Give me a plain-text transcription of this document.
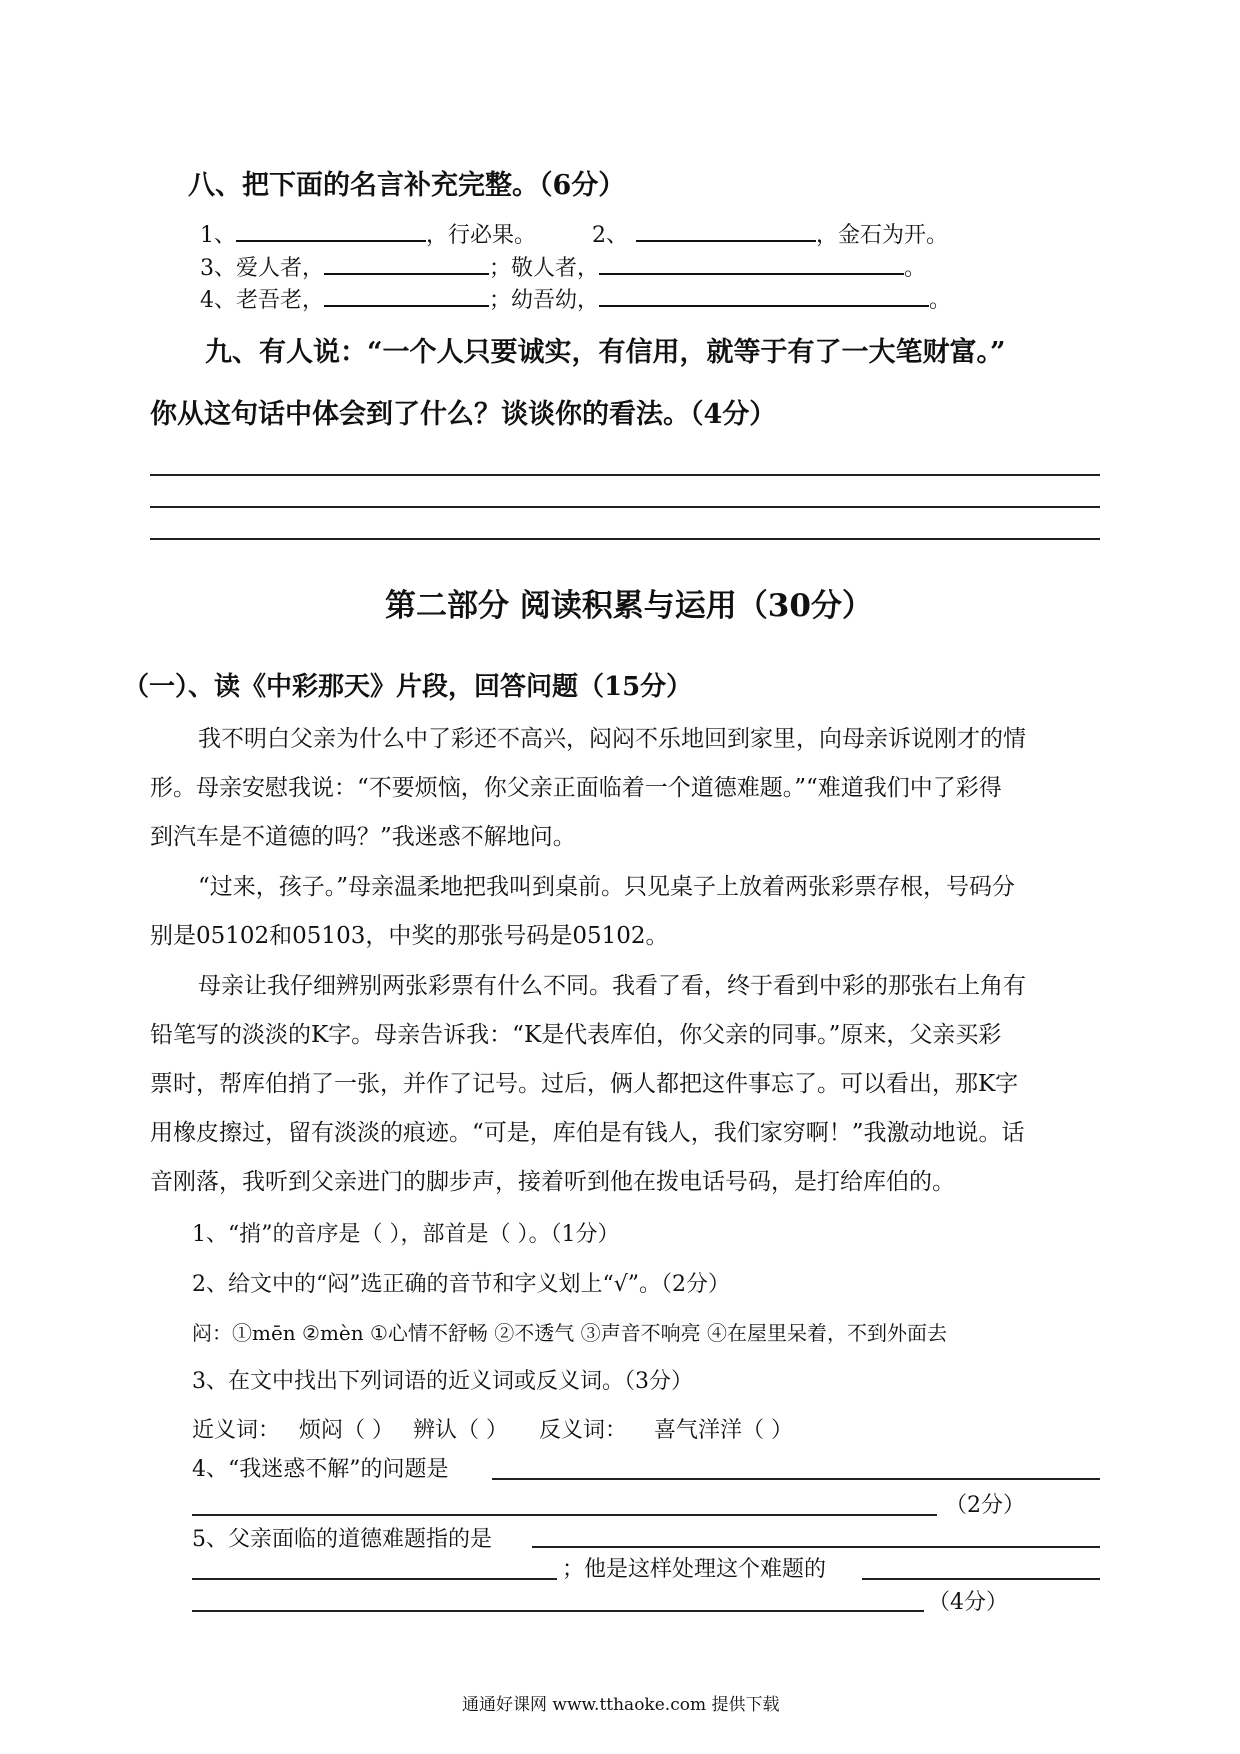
八、把下面的名言补充完整。（6分）
1、	，行必果。	2、	，金石为开。
3、爱人者，	；敬人者，	。
4、老吾老，	；幼吾幼，	。
九、有人说：“一个人只要诚实，有信用，就等于有了一大笔财富。”
你从这句话中体会到了什么？谈谈你的看法。（4分）
第二部分 阅读积累与运用（30分）
（一）、读《中彩那天》片段，回答问题（15分）
我不明白父亲为什么中了彩还不高兴，闷闷不乐地回到家里，向母亲诉说刚才的情
形。母亲安慰我说：“不要烦恼，你父亲正面临着一个道德难题。”“难道我们中了彩得
到汽车是不道德的吗？”我迷惑不解地问。
“过来，孩子。”母亲温柔地把我叫到桌前。只见桌子上放着两张彩票存根，号码分
别是05102和05103，中奖的那张号码是05102。
母亲让我仔细辨别两张彩票有什么不同。我看了看，终于看到中彩的那张右上角有
铅笔写的淡淡的K字。母亲告诉我：“K是代表库伯，你父亲的同事。”原来，父亲买彩
票时，帮库伯捎了一张，并作了记号。过后，俩人都把这件事忘了。可以看出，那K字
用橡皮擦过，留有淡淡的痕迹。“可是，库伯是有钱人，我们家穷啊！”我激动地说。话
音刚落，我听到父亲进门的脚步声，接着听到他在拨电话号码，是打给库伯的。
1、“捎”的音序是（ ），部首是（ ）。（1分）
2、给文中的“闷”选正确的音节和字义划上“√”。（2分）
闷：①mēn ②mèn ①心情不舒畅 ②不透气 ③声音不响亮 ④在屋里呆着，不到外面去
3、在文中找出下列词语的近义词或反义词。（3分）
近义词： 烦闷（ ） 辨认（ ） 反义词： 喜气洋洋（ ）
4、“我迷惑不解”的问题是
（2分）
5、父亲面临的道德难题指的是
；他是这样处理这个难题的
（4分）
通通好课网 www.tthaoke.com 提供下载
